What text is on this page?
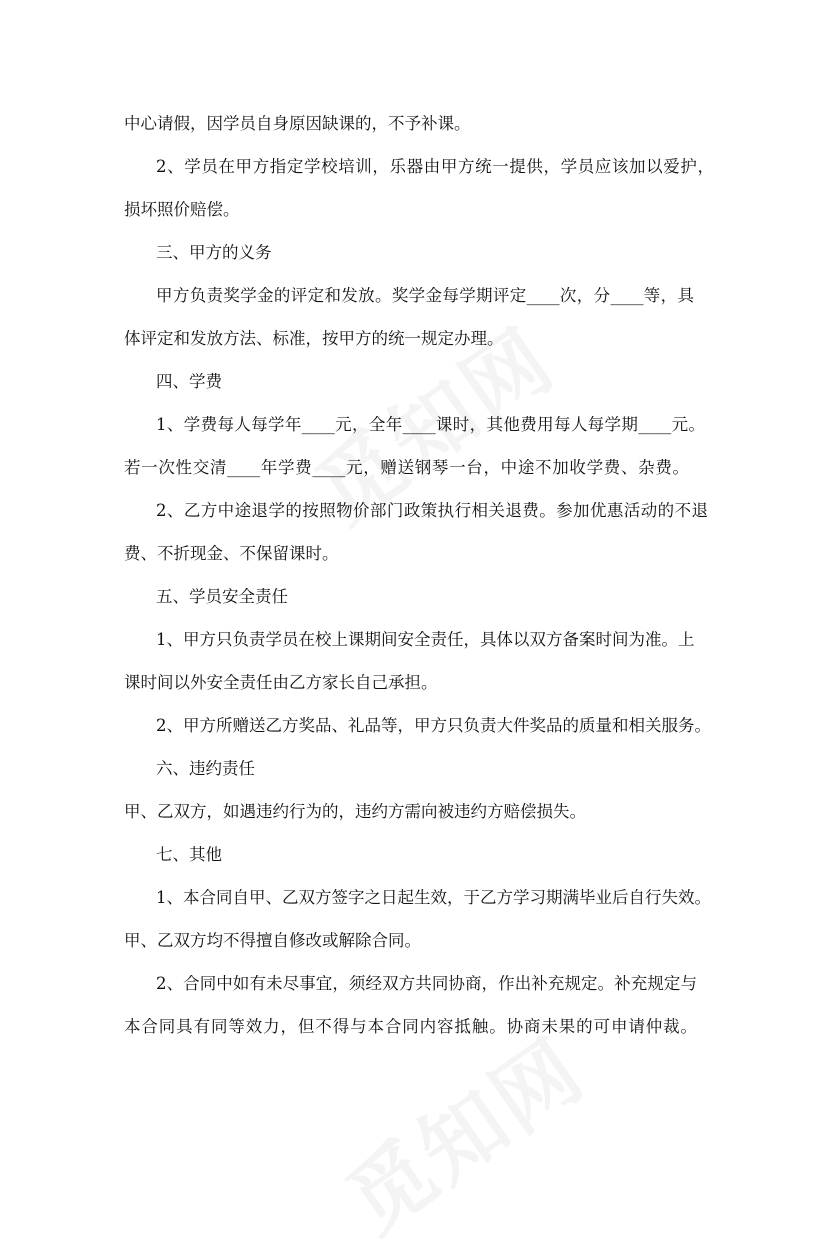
中心请假，因学员自身原因缺课的，不予补课。
2、学员在甲方指定学校培训，乐器由甲方统一提供，学员应该加以爱护，
损坏照价赔偿。
三、甲方的义务
甲方负责奖学金的评定和发放。奖学金每学期评定____次，分____等，具
体评定和发放方法、标准，按甲方的统一规定办理。
四、学费
1、学费每人每学年____元，全年____课时，其他费用每人每学期____元。
若一次性交清____年学费____元，赠送钢琴一台，中途不加收学费、杂费。
2、乙方中途退学的按照物价部门政策执行相关退费。参加优惠活动的不退
费、不折现金、不保留课时。
五、学员安全责任
1、甲方只负责学员在校上课期间安全责任，具体以双方备案时间为准。上
课时间以外安全责任由乙方家长自己承担。
2、甲方所赠送乙方奖品、礼品等，甲方只负责大件奖品的质量和相关服务。
六、违约责任
甲、乙双方，如遇违约行为的，违约方需向被违约方赔偿损失。
七、其他
1、本合同自甲、乙双方签字之日起生效，于乙方学习期满毕业后自行失效。
甲、乙双方均不得擅自修改或解除合同。
2、合同中如有未尽事宜，须经双方共同协商，作出补充规定。补充规定与
本合同具有同等效力，但不得与本合同内容抵触。协商未果的可申请仲裁。
